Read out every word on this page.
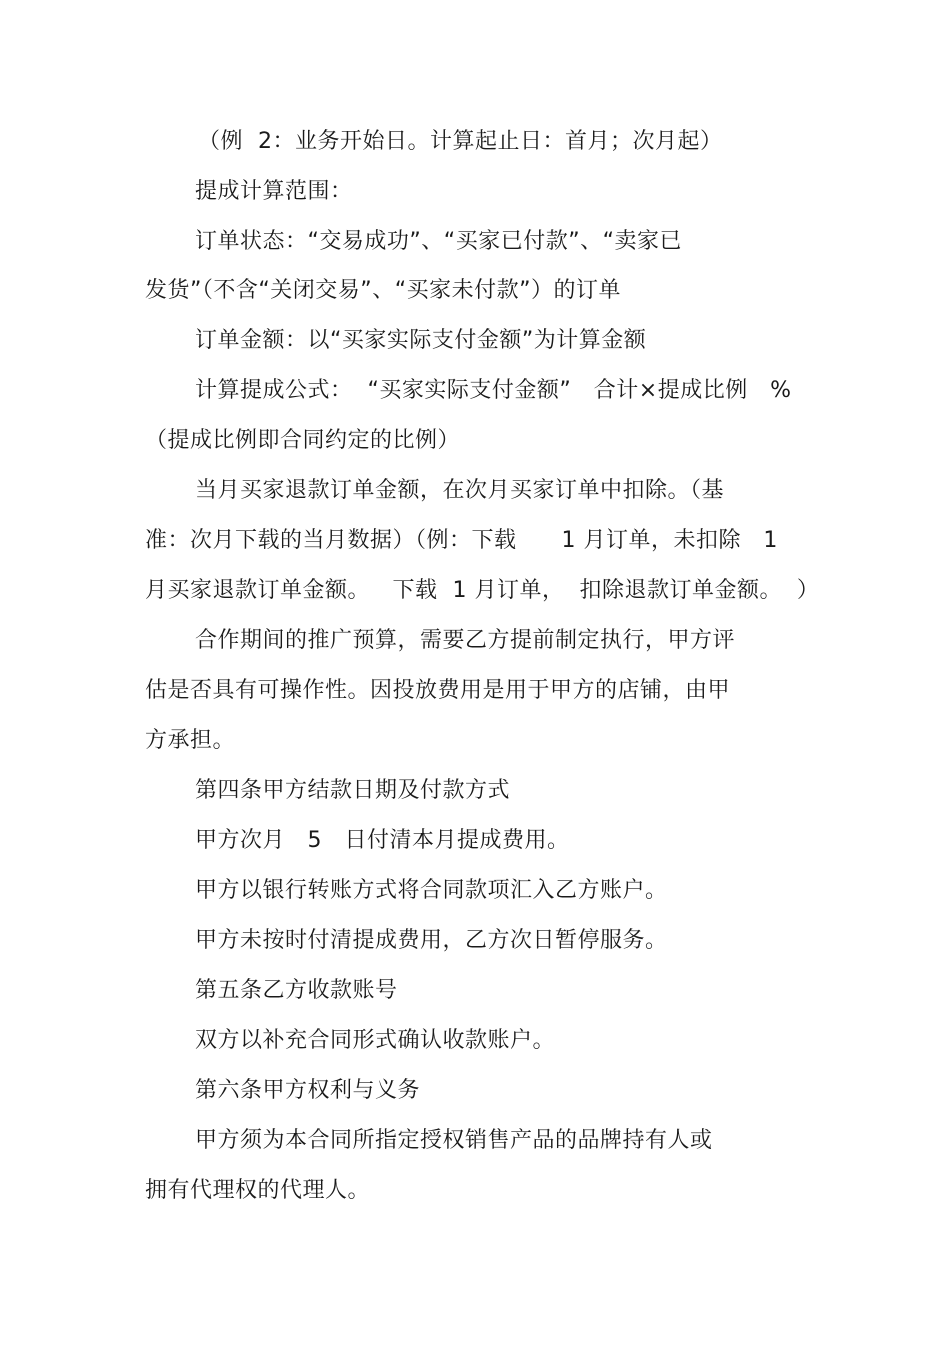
（例  2：业务开始日。计算起止日：首月；次月起）
提成计算范围：
订单状态：“交易成功”、“买家已付款”、“卖家已
发货”（不含“关闭交易”、“买家未付款”）的订单
订单金额：以“买家实际支付金额”为计算金额
计算提成公式：  “买家实际支付金额”   合计×提成比例   %
（提成比例即合同约定的比例）
当月买家退款订单金额，在次月买家订单中扣除。（基
准：次月下载的当月数据）（例：下载      1 月订单，未扣除   1
月买家退款订单金额。   下载  1 月订单，  扣除退款订单金额。  ）
合作期间的推广预算，需要乙方提前制定执行，甲方评
估是否具有可操作性。因投放费用是用于甲方的店铺，由甲
方承担。
第四条甲方结款日期及付款方式
甲方次月   5   日付清本月提成费用。
甲方以银行转账方式将合同款项汇入乙方账户。
甲方未按时付清提成费用，乙方次日暂停服务。
第五条乙方收款账号
双方以补充合同形式确认收款账户。
第六条甲方权利与义务
甲方须为本合同所指定授权销售产品的品牌持有人或
拥有代理权的代理人。
